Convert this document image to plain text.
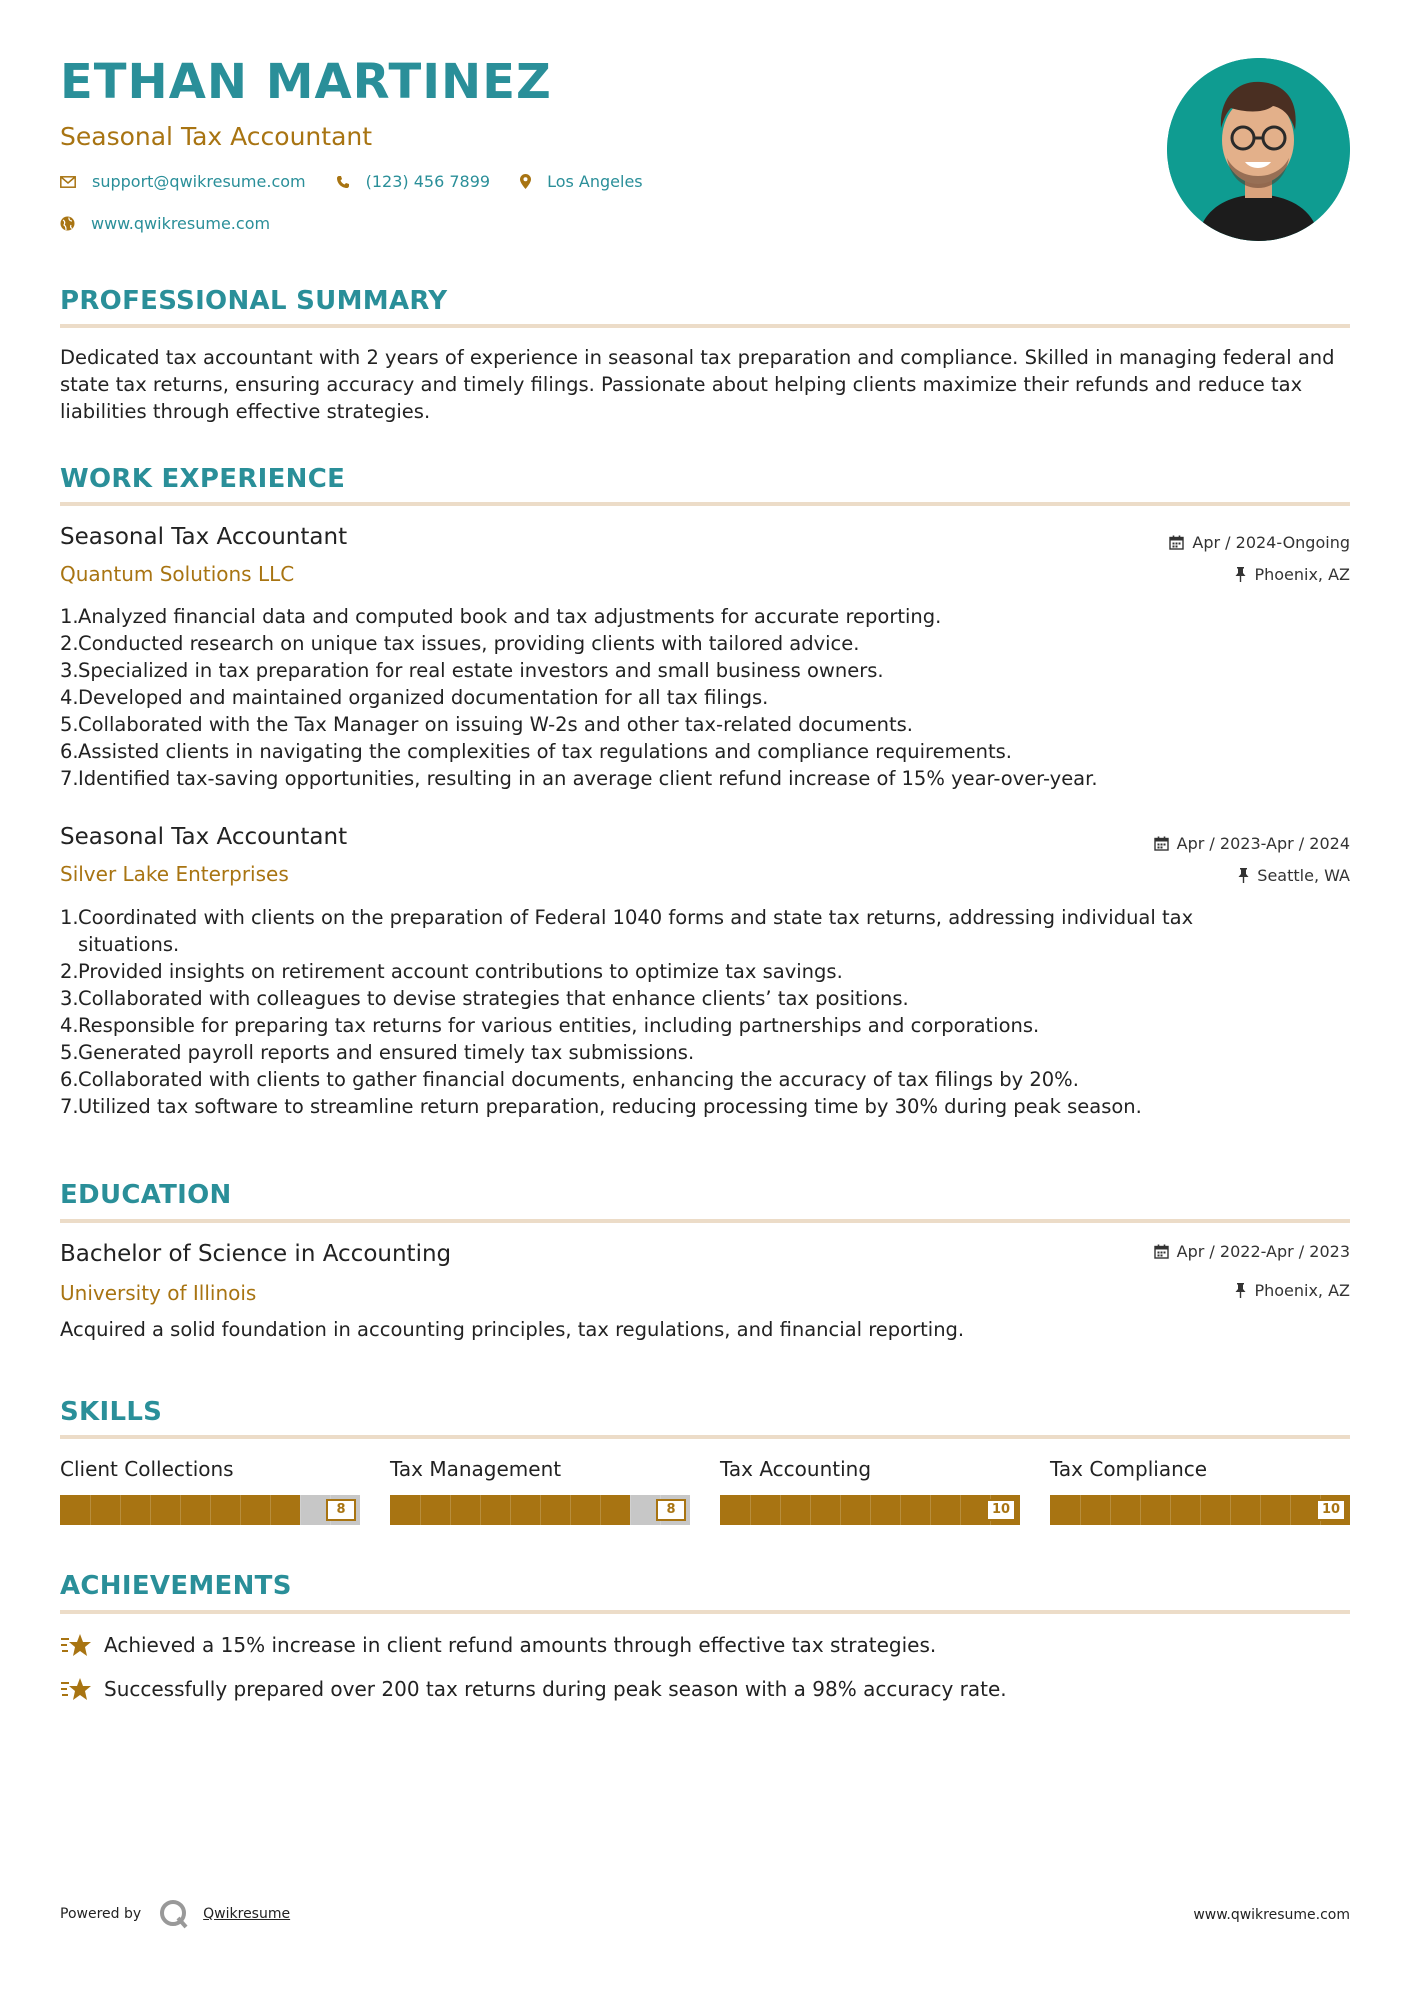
ETHAN MARTINEZ
Seasonal Tax Accountant
support@qwikresume.com	(123) 456 7899	Los Angeles
www.qwikresume.com
PROFESSIONAL SUMMARY
Dedicated tax accountant with 2 years of experience in seasonal tax preparation and compliance. Skilled in managing federal and state tax returns, ensuring accuracy and timely filings. Passionate about helping clients maximize their refunds and reduce tax liabilities through effective strategies.
WORK EXPERIENCE
Seasonal Tax Accountant
Quantum Solutions LLC
Apr / 2024-Ongoing
Phoenix, AZ
1. Analyzed financial data and computed book and tax adjustments for accurate reporting.
2. Conducted research on unique tax issues, providing clients with tailored advice.
3. Specialized in tax preparation for real estate investors and small business owners.
4. Developed and maintained organized documentation for all tax filings.
5. Collaborated with the Tax Manager on issuing W-2s and other tax-related documents.
6. Assisted clients in navigating the complexities of tax regulations and compliance requirements.
7. Identified tax-saving opportunities, resulting in an average client refund increase of 15% year-over-year.
Seasonal Tax Accountant
Silver Lake Enterprises
Apr / 2023-Apr / 2024
Seattle, WA
1. Coordinated with clients on the preparation of Federal 1040 forms and state tax returns, addressing individual tax situations.
2. Provided insights on retirement account contributions to optimize tax savings.
3. Collaborated with colleagues to devise strategies that enhance clients’ tax positions.
4. Responsible for preparing tax returns for various entities, including partnerships and corporations.
5. Generated payroll reports and ensured timely tax submissions.
6. Collaborated with clients to gather financial documents, enhancing the accuracy of tax filings by 20%.
7. Utilized tax software to streamline return preparation, reducing processing time by 30% during peak season.
EDUCATION
Bachelor of Science in Accounting
University of Illinois
Apr / 2022-Apr / 2023
Phoenix, AZ
Acquired a solid foundation in accounting principles, tax regulations, and financial reporting.
SKILLS
Client Collections
8
Tax Management
8
Tax Accounting
10
Tax Compliance
10
ACHIEVEMENTS
Achieved a 15% increase in client refund amounts through effective tax strategies.
Successfully prepared over 200 tax returns during peak season with a 98% accuracy rate.
Powered by	Qwikresume	www.qwikresume.com
